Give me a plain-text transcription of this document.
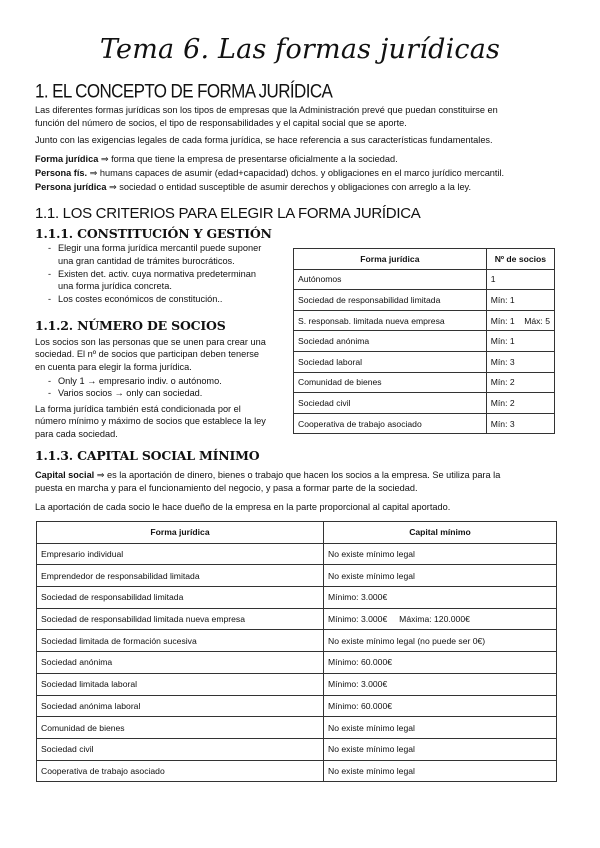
Tema 6. Las formas jurídicas
1. EL CONCEPTO DE FORMA JURÍDICA

Las diferentes formas jurídicas son los tipos de empresas que la Administración prevé que puedan constituirse en
función del número de socios, el tipo de responsabilidades y el capital social que se aporte.

Junto con las exigencias legales de cada forma jurídica, se hace referencia a sus características fundamentales.

Forma jurídica ⇒ forma que tiene la empresa de presentarse oficialmente a la sociedad.

Persona fís. ⇒ humans capaces de asumir (edad+capacidad) dchos. y obligaciones en el marco jurídico mercantil.

Persona jurídica ⇒ sociedad o entidad susceptible de asumir derechos y obligaciones con arreglo a la ley.

1.1. LOS CRITERIOS PARA ELEGIR LA FORMA JURÍDICA
1.1.1. CONSTITUCIÓN Y GESTIÓN
- Elegir una forma jurídica mercantil puede suponer
una gran cantidad de trámites burocráticos.
- Existen det. activ. cuya normativa predeterminan
una forma jurídica concreta.
- Los costes económicos de constitución..
1.1.2. NÚMERO DE SOCIOS

Los socios son las personas que se unen para crear una
sociedad. El nº de socios que participan deben tenerse
en cuenta para elegir la forma jurídica.

- Only 1 → empresario indiv. o autónomo.
- Varios socios → only can sociedad.

La forma jurídica también está condicionada por el
número mínimo y máximo de socios que establece la ley
para cada sociedad.

Forma jurídica	Nº de socios
Autónomos	1
Sociedad de responsabilidad limitada	Mín: 1
S. responsab. limitada nueva empresa	Mín: 1    Máx: 5
Sociedad anónima	Mín: 1
Sociedad laboral	Mín: 3
Comunidad de bienes	Mín: 2
Sociedad civil	Mín: 2
Cooperativa de trabajo asociado	Mín: 3
1.1.3. CAPITAL SOCIAL MÍNIMO

Capital social ⇒ es la aportación de dinero, bienes o trabajo que hacen los socios a la empresa. Se utiliza para la
puesta en marcha y para el funcionamiento del negocio, y pasa a formar parte de la sociedad.

La aportación de cada socio le hace dueño de la empresa en la parte proporcional al capital aportado.

Forma jurídica	Capital mínimo
Empresario individual	No existe mínimo legal
Emprendedor de responsabilidad limitada	No existe mínimo legal
Sociedad de responsabilidad limitada	Mínimo: 3.000€
Sociedad de responsabilidad limitada nueva empresa	Mínimo: 3.000€     Máxima: 120.000€
Sociedad limitada de formación sucesiva	No existe mínimo legal (no puede ser 0€)
Sociedad anónima	Mínimo: 60.000€
Sociedad limitada laboral	Mínimo: 3.000€
Sociedad anónima laboral	Mínimo: 60.000€
Comunidad de bienes	No existe mínimo legal
Sociedad civil	No existe mínimo legal
Cooperativa de trabajo asociado	No existe mínimo legal
